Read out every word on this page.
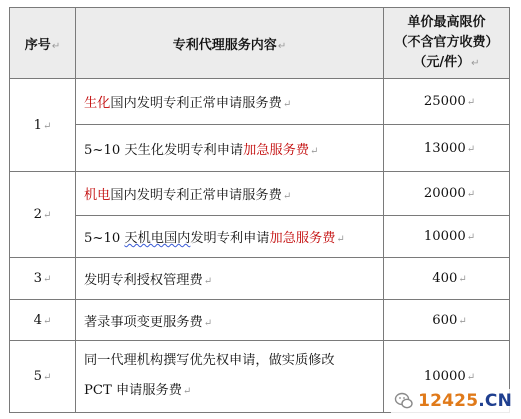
序号↵	专利代理服务内容↵	单价最高限价
（不含官方收费）
（元/件）↵

1↵	生化国内发明专利正常申请服务费↵	25000↵
	5~10 天生化发明专利申请加急服务费↵	13000↵
2↵	机电国内发明专利正常申请服务费↵	20000↵
	5~10 天机电国内发明专利申请加急服务费↵	10000↵
3↵	发明专利授权管理费↵	400↵
4↵	著录事项变更服务费↵	600↵
5↵	同一代理机构撰写优先权申请，做实质修改
PCT 申请服务费↵	10000↵
12425.CN
